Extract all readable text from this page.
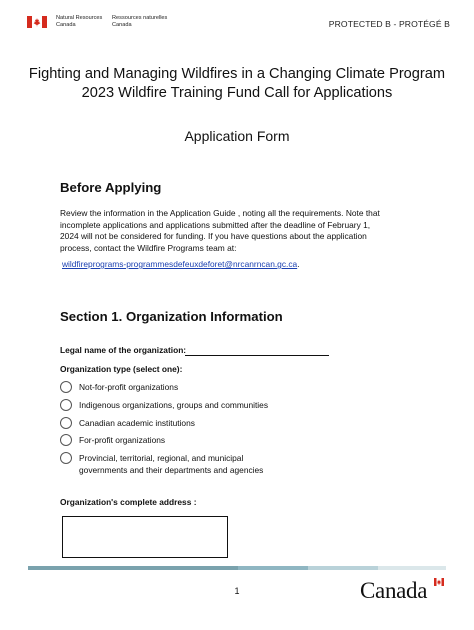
Natural Resources
Canada
Ressources naturelles
Canada	PROTECTED B - PROTÉGÉ B
Fighting and Managing Wildfires in a Changing Climate Program
2023 Wildfire Training Fund Call for Applications
Application Form
Before Applying
Review the information in the Application Guide , noting all the requirements. Note that
incomplete applications and applications submitted after the deadline of February 1,
2024 will not be considered for funding. If you have questions about the application
process, contact the Wildfire Programs team at:
wildfireprograms-programmesdefeuxdeforet@nrcanrncan.gc.ca.
Section 1. Organization Information
Legal name of the organization:
Organization type (select one):
Not-for-profit organizations
Indigenous organizations, groups and communities
Canadian academic institutions
For-profit organizations
Provincial, territorial, regional, and municipal
governments and their departments and agencies
Organization's complete address :
1	Canada
